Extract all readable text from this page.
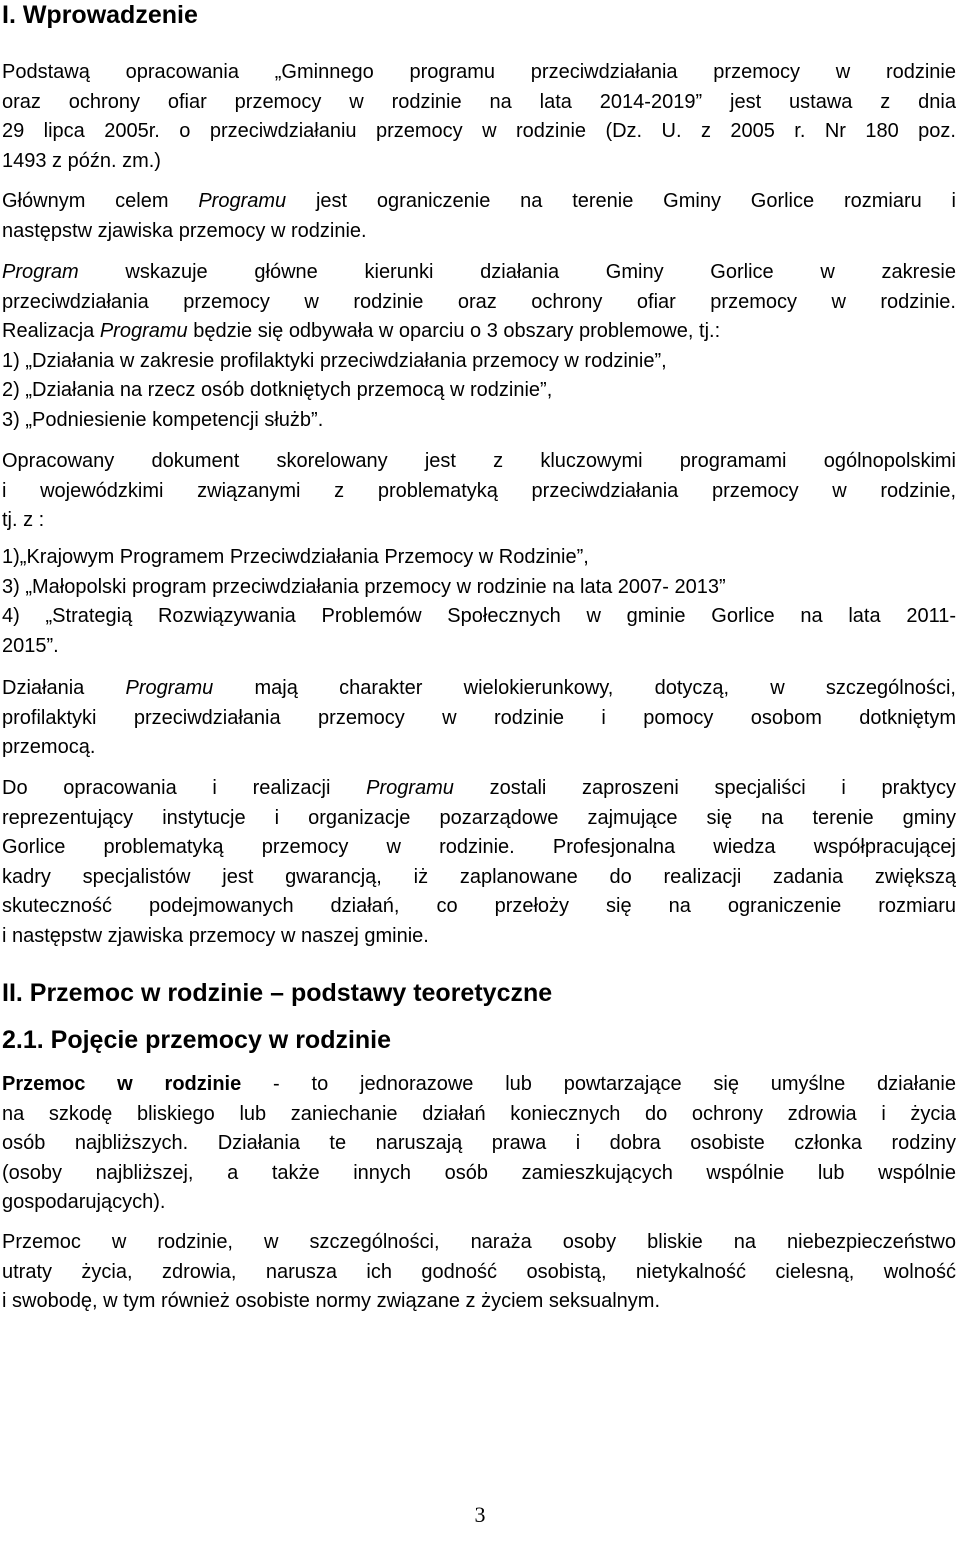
I. Wprowadzenie
Podstawą opracowania „Gminnego programu przeciwdziałania przemocy w rodzinie
oraz ochrony ofiar przemocy w rodzinie na lata 2014-2019” jest ustawa z dnia
29 lipca 2005r. o przeciwdziałaniu przemocy w rodzinie (Dz. U. z 2005 r. Nr 180 poz.
1493 z późn. zm.)
Głównym celem Programu jest ograniczenie na terenie Gminy Gorlice rozmiaru i
następstw zjawiska przemocy w rodzinie.
Program wskazuje główne kierunki działania Gminy Gorlice w zakresie
przeciwdziałania przemocy w rodzinie oraz ochrony ofiar przemocy w rodzinie.
Realizacja Programu będzie się odbywała w oparciu o 3 obszary problemowe, tj.:
1) „Działania w zakresie profilaktyki przeciwdziałania przemocy w rodzinie”,
2) „Działania na rzecz osób dotkniętych przemocą w rodzinie”,
3) „Podniesienie kompetencji służb”.
Opracowany dokument skorelowany jest z kluczowymi programami ogólnopolskimi
i wojewódzkimi związanymi z problematyką przeciwdziałania przemocy w rodzinie,
tj. z :
1)„Krajowym Programem Przeciwdziałania Przemocy w Rodzinie”,
3) „Małopolski program przeciwdziałania przemocy w rodzinie na lata 2007- 2013”
4) „Strategią Rozwiązywania Problemów Społecznych w gminie Gorlice na lata 2011-
2015”.
Działania Programu mają charakter wielokierunkowy, dotyczą, w szczególności,
profilaktyki przeciwdziałania przemocy w rodzinie i pomocy osobom dotkniętym
przemocą.
Do opracowania i realizacji Programu zostali zaproszeni specjaliści i praktycy
reprezentujący instytucje i organizacje pozarządowe zajmujące się na terenie gminy
Gorlice problematyką przemocy w rodzinie. Profesjonalna wiedza współpracującej
kadry specjalistów jest gwarancją, iż zaplanowane do realizacji zadania zwiększą
skuteczność podejmowanych działań, co przełoży się na ograniczenie rozmiaru
i następstw zjawiska przemocy w naszej gminie.
II. Przemoc w rodzinie – podstawy teoretyczne
2.1. Pojęcie przemocy w rodzinie
Przemoc w rodzinie - to jednorazowe lub powtarzające się umyślne działanie
na szkodę bliskiego lub zaniechanie działań koniecznych do ochrony zdrowia i życia
osób najbliższych. Działania te naruszają prawa i dobra osobiste członka rodziny
(osoby najbliższej, a także innych osób zamieszkujących wspólnie lub wspólnie
gospodarujących).
Przemoc w rodzinie, w szczególności, naraża osoby bliskie na niebezpieczeństwo
utraty życia, zdrowia, narusza ich godność osobistą, nietykalność cielesną, wolność
i swobodę, w tym również osobiste normy związane z życiem seksualnym.
3
